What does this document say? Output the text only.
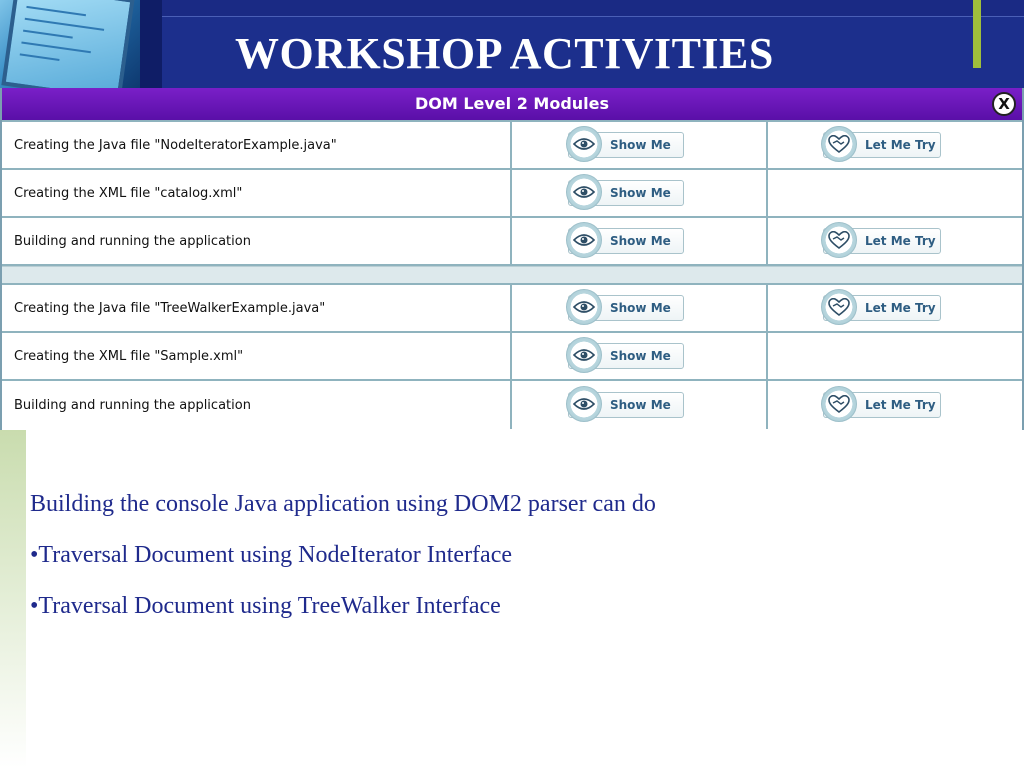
WORKSHOP ACTIVITIES
DOM Level 2 Modules	X
Creating the Java file "NodeIteratorExample.java"	Show Me	Let Me Try
Creating the XML file "catalog.xml"	Show Me
Building and running the application	Show Me	Let Me Try
Creating the Java file "TreeWalkerExample.java"	Show Me	Let Me Try
Creating the XML file "Sample.xml"	Show Me
Building and running the application	Show Me	Let Me Try

Building the console Java application using DOM2 parser can do

•Traversal Document using NodeIterator Interface

•Traversal Document using TreeWalker Interface
